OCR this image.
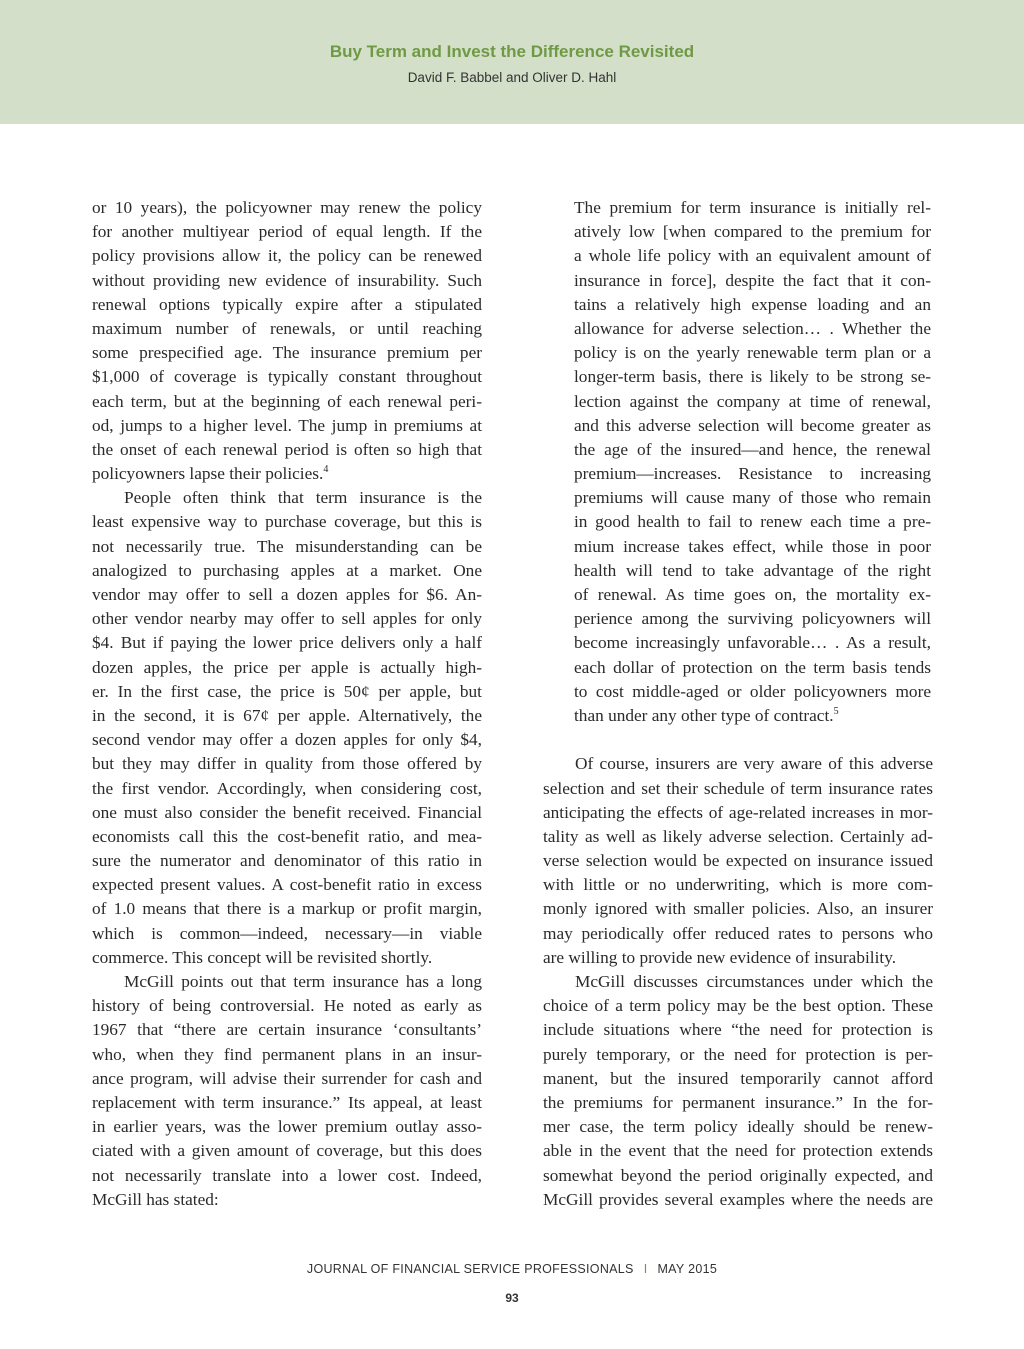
Buy Term and Invest the Difference Revisited
David F. Babbel and Oliver D. Hahl
or 10 years), the policyowner may renew the policy
for another multiyear period of equal length. If the
policy provisions allow it, the policy can be renewed
without providing new evidence of insurability. Such
renewal options typically expire after a stipulated
maximum number of renewals, or until reaching
some prespecified age. The insurance premium per
$1,000 of coverage is typically constant throughout
each term, but at the beginning of each renewal peri-
od, jumps to a higher level. The jump in premiums at
the onset of each renewal period is often so high that
policyowners lapse their policies.$^4$
People often think that term insurance is the
least expensive way to purchase coverage, but this is
not necessarily true. The misunderstanding can be
analogized to purchasing apples at a market. One
vendor may offer to sell a dozen apples for $6. An-
other vendor nearby may offer to sell apples for only
$4. But if paying the lower price delivers only a half
dozen apples, the price per apple is actually high-
er. In the first case, the price is 50¢ per apple, but
in the second, it is 67¢ per apple. Alternatively, the
second vendor may offer a dozen apples for only $4,
but they may differ in quality from those offered by
the first vendor. Accordingly, when considering cost,
one must also consider the benefit received. Financial
economists call this the cost-benefit ratio, and mea-
sure the numerator and denominator of this ratio in
expected present values. A cost-benefit ratio in excess
of 1.0 means that there is a markup or profit margin,
which is common—indeed, necessary—in viable
commerce. This concept will be revisited shortly.
McGill points out that term insurance has a long
history of being controversial. He noted as early as
1967 that “there are certain insurance ‘consultants’
who, when they find permanent plans in an insur-
ance program, will advise their surrender for cash and
replacement with term insurance.” Its appeal, at least
in earlier years, was the lower premium outlay asso-
ciated with a given amount of coverage, but this does
not necessarily translate into a lower cost. Indeed,
McGill has stated:
The premium for term insurance is initially rel-
atively low [when compared to the premium for
a whole life policy with an equivalent amount of
insurance in force], despite the fact that it con-
tains a relatively high expense loading and an
allowance for adverse selection… . Whether the
policy is on the yearly renewable term plan or a
longer-term basis, there is likely to be strong se-
lection against the company at time of renewal,
and this adverse selection will become greater as
the age of the insured—and hence, the renewal
premium—increases. Resistance to increasing
premiums will cause many of those who remain
in good health to fail to renew each time a pre-
mium increase takes effect, while those in poor
health will tend to take advantage of the right
of renewal. As time goes on, the mortality ex-
perience among the surviving policyowners will
become increasingly unfavorable… . As a result,
each dollar of protection on the term basis tends
to cost middle-aged or older policyowners more
than under any other type of contract.$^5$
Of course, insurers are very aware of this adverse
selection and set their schedule of term insurance rates
anticipating the effects of age-related increases in mor-
tality as well as likely adverse selection. Certainly ad-
verse selection would be expected on insurance issued
with little or no underwriting, which is more com-
monly ignored with smaller policies. Also, an insurer
may periodically offer reduced rates to persons who
are willing to provide new evidence of insurability.
McGill discusses circumstances under which the
choice of a term policy may be the best option. These
include situations where “the need for protection is
purely temporary, or the need for protection is per-
manent, but the insured temporarily cannot afford
the premiums for permanent insurance.” In the for-
mer case, the term policy ideally should be renew-
able in the event that the need for protection extends
somewhat beyond the period originally expected, and
McGill provides several examples where the needs are
JOURNAL OF FINANCIAL SERVICE PROFESSIONALS I MAY 2015
93
